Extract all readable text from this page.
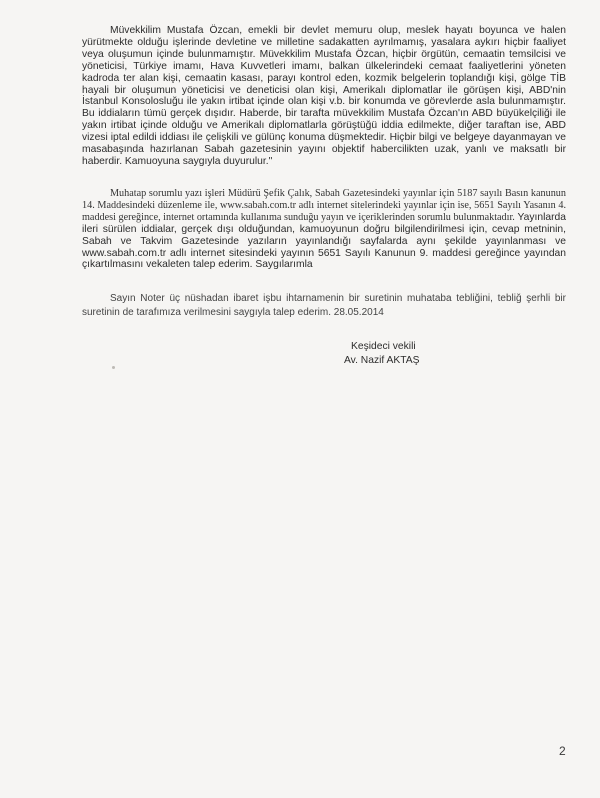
Müvekkilim Mustafa Özcan, emekli bir devlet memuru olup, meslek hayatı boyunca ve halen yürütmekte olduğu işlerinde devletine ve milletine sadakatten ayrılmamış, yasalara aykırı hiçbir faaliyet veya oluşumun içinde bulunmamıştır. Müvekkilim Mustafa Özcan, hiçbir örgütün, cemaatin temsilcisi ve yöneticisi, Türkiye imamı, Hava Kuvvetleri imamı, balkan ülkelerindeki cemaat faaliyetlerini yöneten kadroda ter alan kişi, cemaatin kasası, parayı kontrol eden, kozmik belgelerin toplandığı kişi, gölge TİB hayali bir oluşumun yöneticisi ve deneticisi olan kişi, Amerikalı diplomatlar ile görüşen kişi, ABD'nin İstanbul Konsolosluğu ile yakın irtibat içinde olan kişi v.b. bir konumda ve görevlerde asla bulunmamıştır. Bu iddiaların tümü gerçek dışıdır. Haberde, bir tarafta müvekkilim Mustafa Özcan'ın ABD büyükelçiliği ile yakın irtibat içinde olduğu ve Amerikalı diplomatlarla görüştüğü iddia edilmekte, diğer taraftan ise, ABD vizesi iptal edildi iddiası ile çelişkili ve gülünç konuma düşmektedir. Hiçbir bilgi ve belgeye dayanmayan ve masabaşında hazırlanan Sabah gazetesinin yayını objektif habercilikten uzak, yanlı ve maksatlı bir haberdir. Kamuoyuna saygıyla duyurulur."

Muhatap sorumlu yazı işleri Müdürü Şefik Çalık, Sabah Gazetesindeki yayınlar için 5187 sayılı Basın kanunun 14. Maddesindeki düzenleme ile, www.sabah.com.tr adlı internet sitelerindeki yayınlar için ise, 5651 Sayılı Yasanın 4. maddesi gereğince, internet ortamında kullanıma sunduğu yayın ve içeriklerinden sorumlu bulunmaktadır. Yayınlarda ileri sürülen iddialar, gerçek dışı olduğundan, kamuoyunun doğru bilgilendirilmesi için, cevap metninin, Sabah ve Takvim Gazetesinde yazıların yayınlandığı sayfalarda aynı şekilde yayınlanması ve www.sabah.com.tr adlı internet sitesindeki yayının 5651 Sayılı Kanunun 9. maddesi gereğince yayından çıkartılmasını vekaleten talep ederim. Saygılarımla

Sayın Noter üç nüshadan ibaret işbu ihtarnamenin bir suretinin muhataba tebliğini, tebliğ şerhli bir suretinin de tarafımıza verilmesini saygıyla talep ederim. 28.05.2014

Keşideci vekili

Av. Nazif AKTAŞ

2
